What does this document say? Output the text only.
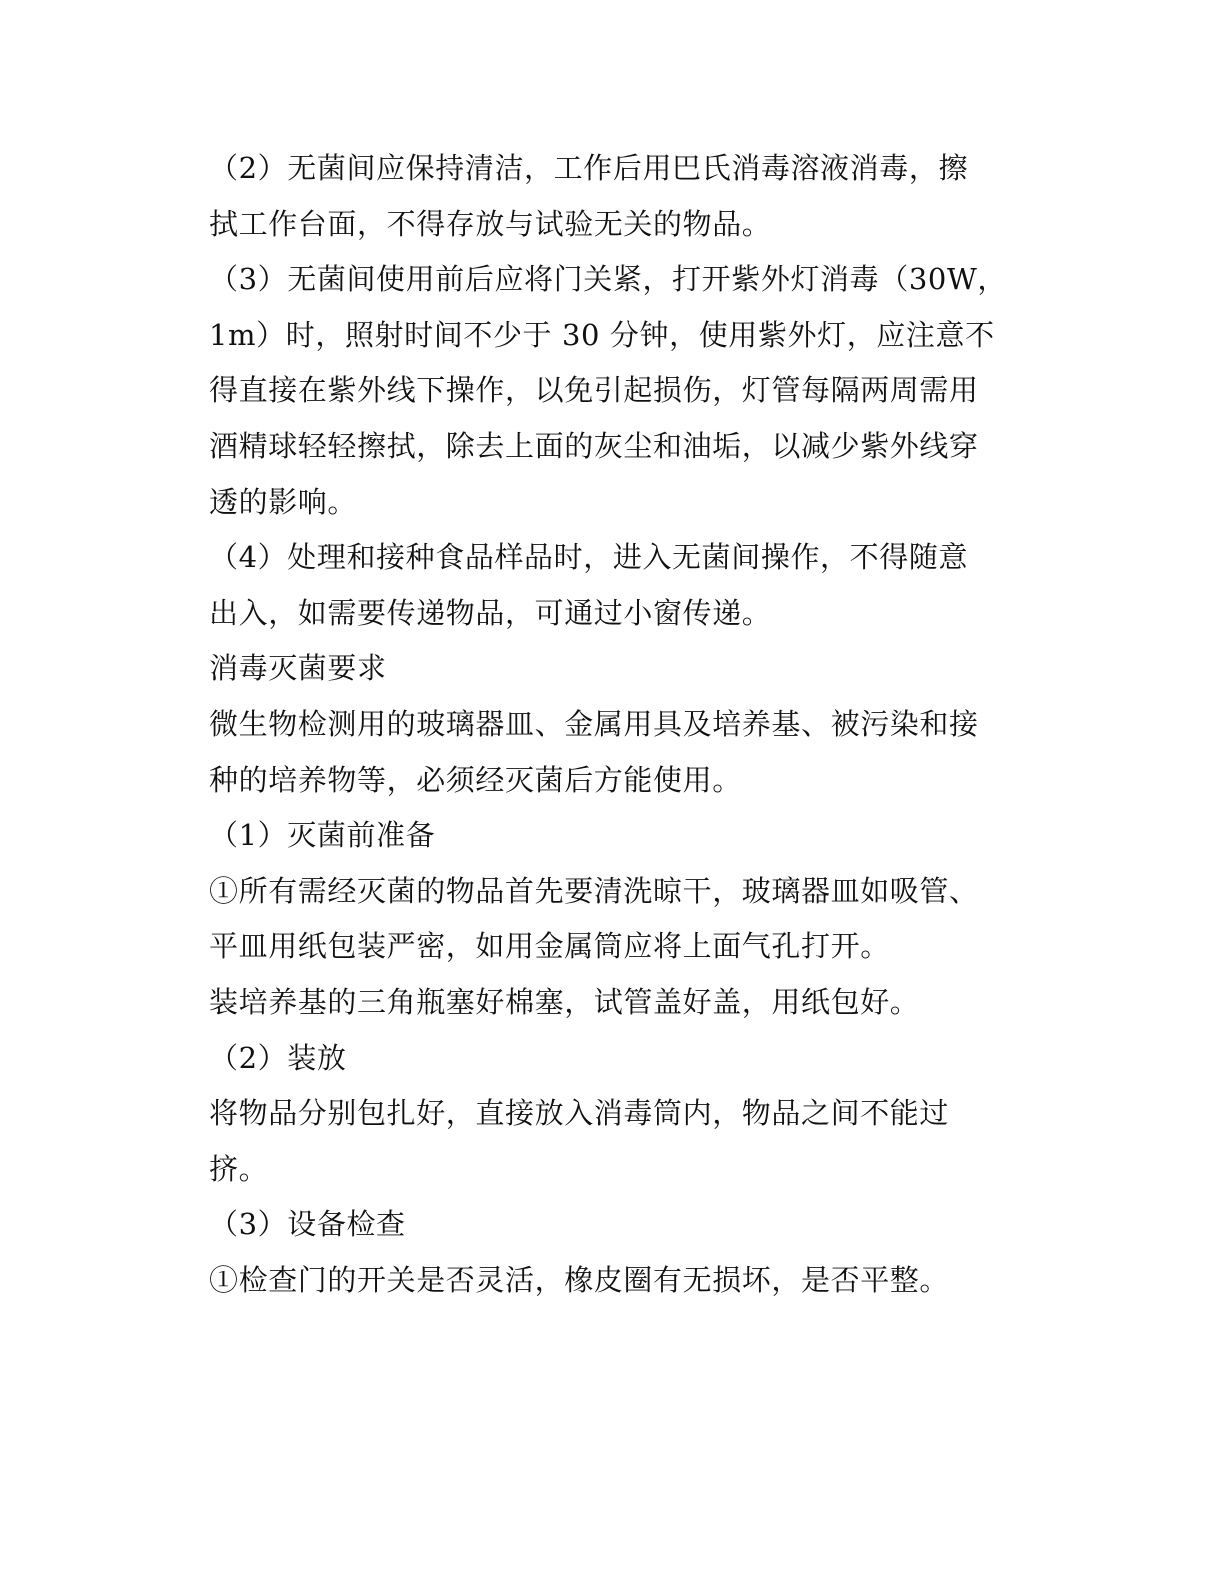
（2）无菌间应保持清洁，工作后用巴氏消毒溶液消毒，擦
拭工作台面，不得存放与试验无关的物品。
（3）无菌间使用前后应将门关紧，打开紫外灯消毒（30W，
1m）时，照射时间不少于 30 分钟，使用紫外灯，应注意不
得直接在紫外线下操作，以免引起损伤，灯管每隔两周需用
酒精球轻轻擦拭，除去上面的灰尘和油垢，以减少紫外线穿
透的影响。
（4）处理和接种食品样品时，进入无菌间操作，不得随意
出入，如需要传递物品，可通过小窗传递。
消毒灭菌要求
微生物检测用的玻璃器皿、金属用具及培养基、被污染和接
种的培养物等，必须经灭菌后方能使用。
（1）灭菌前准备
①所有需经灭菌的物品首先要清洗晾干，玻璃器皿如吸管、
平皿用纸包装严密，如用金属筒应将上面气孔打开。
装培养基的三角瓶塞好棉塞，试管盖好盖，用纸包好。
（2）装放
将物品分别包扎好，直接放入消毒筒内，物品之间不能过
挤。
（3）设备检查
①检查门的开关是否灵活，橡皮圈有无损坏，是否平整。
